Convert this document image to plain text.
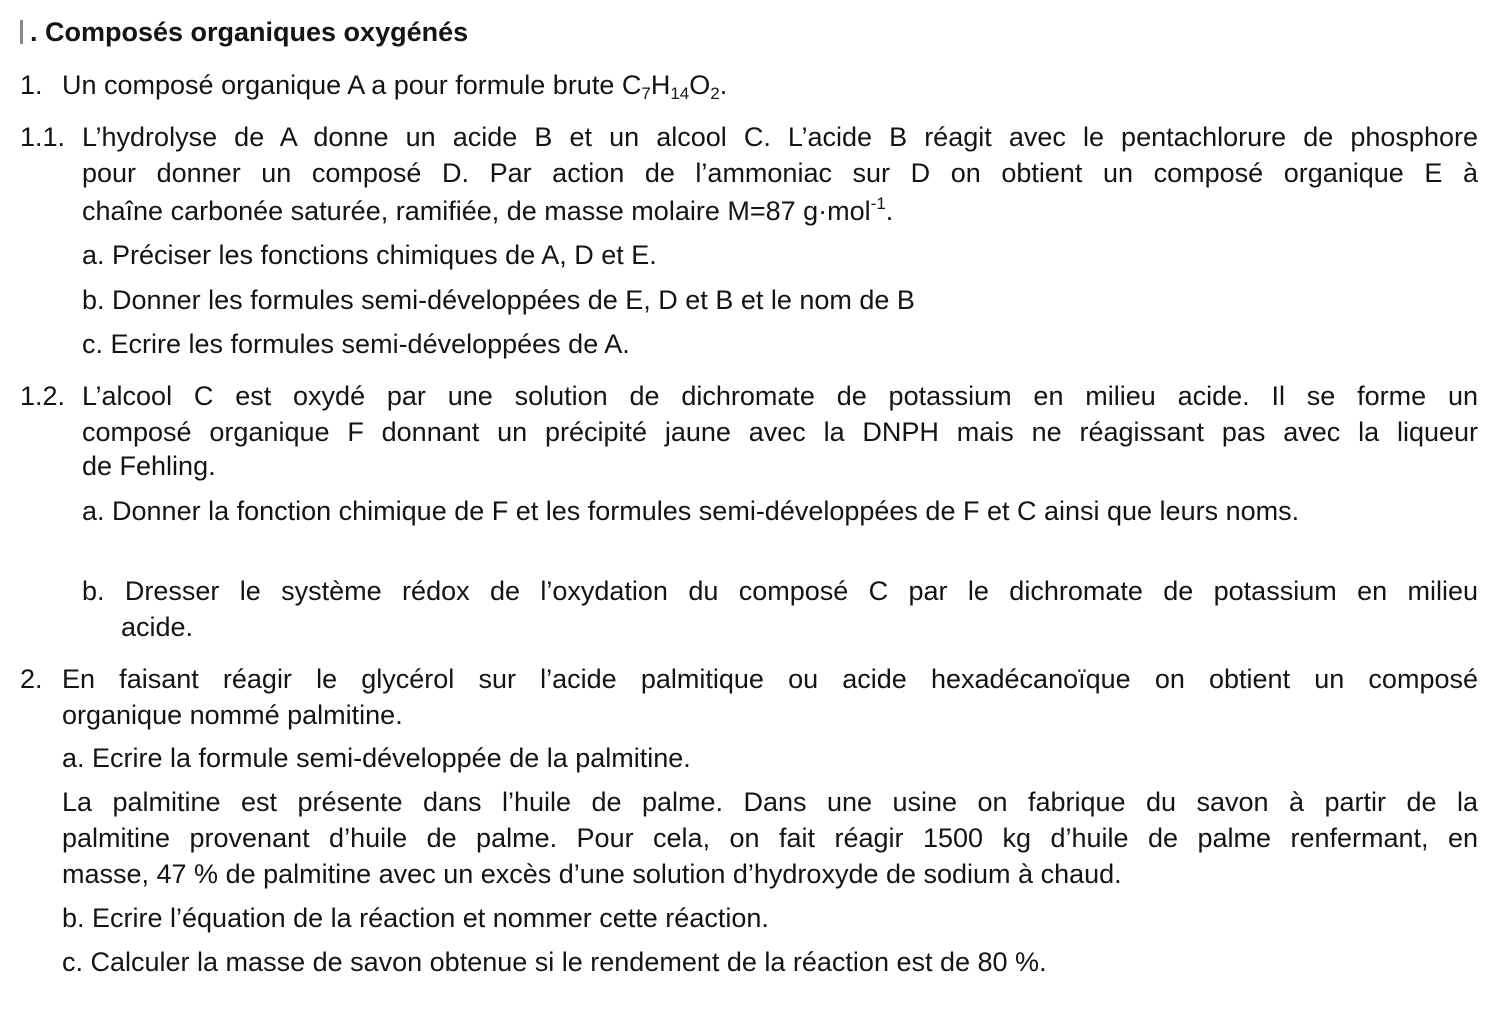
. Composés organiques oxygénés
1. Un composé organique A a pour formule brute $C_7H_{14}O_2$.
1.1. L’hydrolyse de A donne un acide B et un alcool C. L’acide B réagit avec le pentachlorure de phosphore
pour donner un composé D. Par action de l’ammoniac sur D on obtient un composé organique E à
chaîne carbonée saturée, ramifiée, de masse molaire M=87 g·mol$^{-1}$.
a. Préciser les fonctions chimiques de A, D et E.
b. Donner les formules semi-développées de E, D et B et le nom de B
c. Ecrire les formules semi-développées de A.
1.2. L’alcool C est oxydé par une solution de dichromate de potassium en milieu acide. Il se forme un
composé organique F donnant un précipité jaune avec la DNPH mais ne réagissant pas avec la liqueur
de Fehling.
a. Donner la fonction chimique de F et les formules semi-développées de F et C ainsi que leurs noms.
b. Dresser le système rédox de l’oxydation du composé C par le dichromate de potassium en milieu
acide.
2. En faisant réagir le glycérol sur l’acide palmitique ou acide hexadécanoïque on obtient un composé
organique nommé palmitine.
a. Ecrire la formule semi-développée de la palmitine.
La palmitine est présente dans l’huile de palme. Dans une usine on fabrique du savon à partir de la
palmitine provenant d’huile de palme. Pour cela, on fait réagir 1500 kg d’huile de palme renfermant, en
masse, 47 % de palmitine avec un excès d’une solution d’hydroxyde de sodium à chaud.
b. Ecrire l’équation de la réaction et nommer cette réaction.
c. Calculer la masse de savon obtenue si le rendement de la réaction est de 80 %.
